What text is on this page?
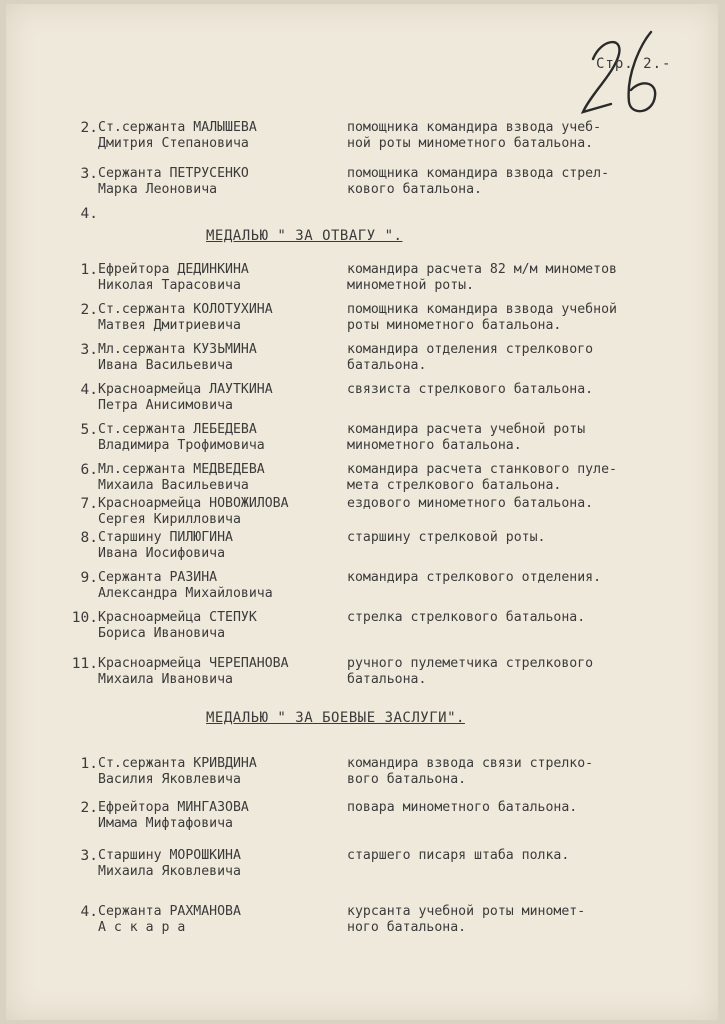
Стр. 2.-
2. Ст.сержанта МАЛЫШЕВА
Дмитрия Степановича
помощника командира взвода учеб-
ной роты минометного батальона.
3. Сержанта ПЕТРУСЕНКО
Марка Леоновича
помощника командира взвода стрел-
кового батальона.
4.
МЕДАЛЬЮ " ЗА ОТВАГУ ".
1. Ефрейтора ДЕДИНКИНА
Николая Тарасовича
командира расчета 82 м/м минометов
минометной роты.
2. Ст.сержанта КОЛОТУХИНА
Матвея Дмитриевича
помощника командира взвода учебной
роты минометного батальона.
3. Мл.сержанта КУЗЬМИНА
Ивана Васильевича
командира отделения стрелкового
батальона.
4. Красноармейца ЛАУТКИНА
Петра Анисимовича
связиста стрелкового батальона.
5. Ст.сержанта ЛЕБЕДЕВА
Владимира Трофимовича
командира расчета учебной роты
минометного батальона.
6. Мл.сержанта МЕДВЕДЕВА
Михаила Васильевича
командира расчета станкового пуле-
мета стрелкового батальона.
7. Красноармейца НОВОЖИЛОВА
Сергея Кирилловича
ездового минометного батальона.
8. Старшину ПИЛЮГИНА
Ивана Иосифовича
старшину стрелковой роты.
9. Сержанта РАЗИНА
Александра Михайловича
командира стрелкового отделения.
10. Красноармейца СТЕПУК
Бориса Ивановича
стрелка стрелкового батальона.
11. Красноармейца ЧЕРЕПАНОВА
Михаила Ивановича
ручного пулеметчика стрелкового
батальона.
МЕДАЛЬЮ " ЗА БОЕВЫЕ ЗАСЛУГИ".
1. Ст.сержанта КРИВДИНА
Василия Яковлевича
командира взвода связи стрелко-
вого батальона.
2. Ефрейтора МИНГАЗОВА
Имама Мифтафовича
повара минометного батальона.
3. Старшину МОРОШКИНА
Михаила Яковлевича
старшего писаря штаба полка.
4. Сержанта РАХМАНОВА
А с к а р а
курсанта учебной роты миномет-
ного батальона.
